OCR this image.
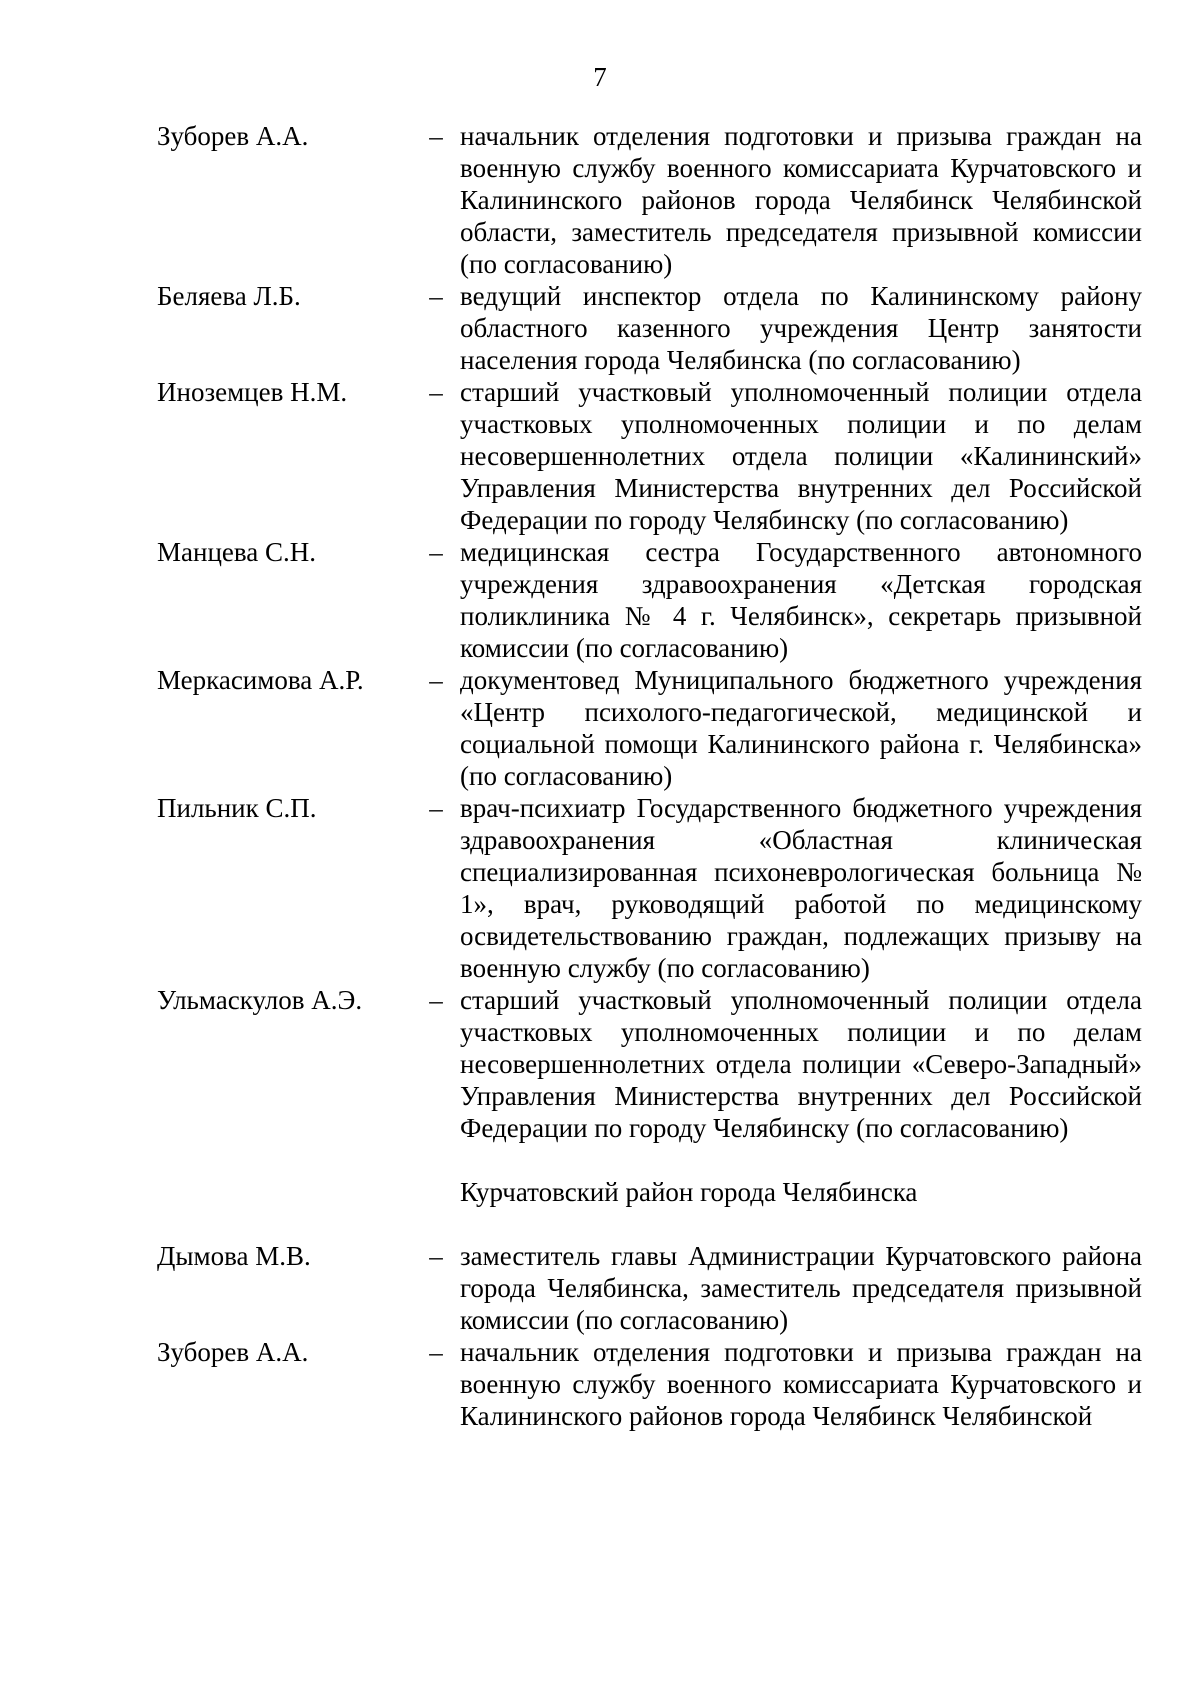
7
Зуборев А.А.	– начальник отделения подготовки и призыва граждан на военную службу военного комиссариата Курчатовского и Калининского районов города Челябинск Челябинской области, заместитель председателя призывной комиссии (по согласованию)
Беляева Л.Б.	– ведущий инспектор отдела по Калининскому району областного казенного учреждения Центр занятости населения города Челябинска (по согласованию)
Иноземцев Н.М.	– старший участковый уполномоченный полиции отдела участковых уполномоченных полиции и по делам несовершеннолетних отдела полиции «Калининский» Управления Министерства внутренних дел Российской Федерации по городу Челябинску (по согласованию)
Манцева С.Н.	– медицинская сестра Государственного автономного учреждения здравоохранения «Детская городская поликлиника № 4 г. Челябинск», секретарь призывной комиссии (по согласованию)
Меркасимова А.Р.	– документовед Муниципального бюджетного учреждения «Центр психолого-педагогической, медицинской и социальной помощи Калининского района г. Челябинска» (по согласованию)
Пильник С.П.	– врач-психиатр Государственного бюджетного учреждения здравоохранения «Областная клиническая специализированная психоневрологическая больница № 1», врач, руководящий работой по медицинскому освидетельствованию граждан, подлежащих призыву на военную службу (по согласованию)
Ульмаскулов А.Э.	– старший участковый уполномоченный полиции отдела участковых уполномоченных полиции и по делам несовершеннолетних отдела полиции «Северо-Западный» Управления Министерства внутренних дел Российской Федерации по городу Челябинску (по согласованию)
Курчатовский район города Челябинска
Дымова М.В.	– заместитель главы Администрации Курчатовского района города Челябинска, заместитель председателя призывной комиссии (по согласованию)
Зуборев А.А.	– начальник отделения подготовки и призыва граждан на военную службу военного комиссариата Курчатовского и Калининского районов города Челябинск Челябинской
